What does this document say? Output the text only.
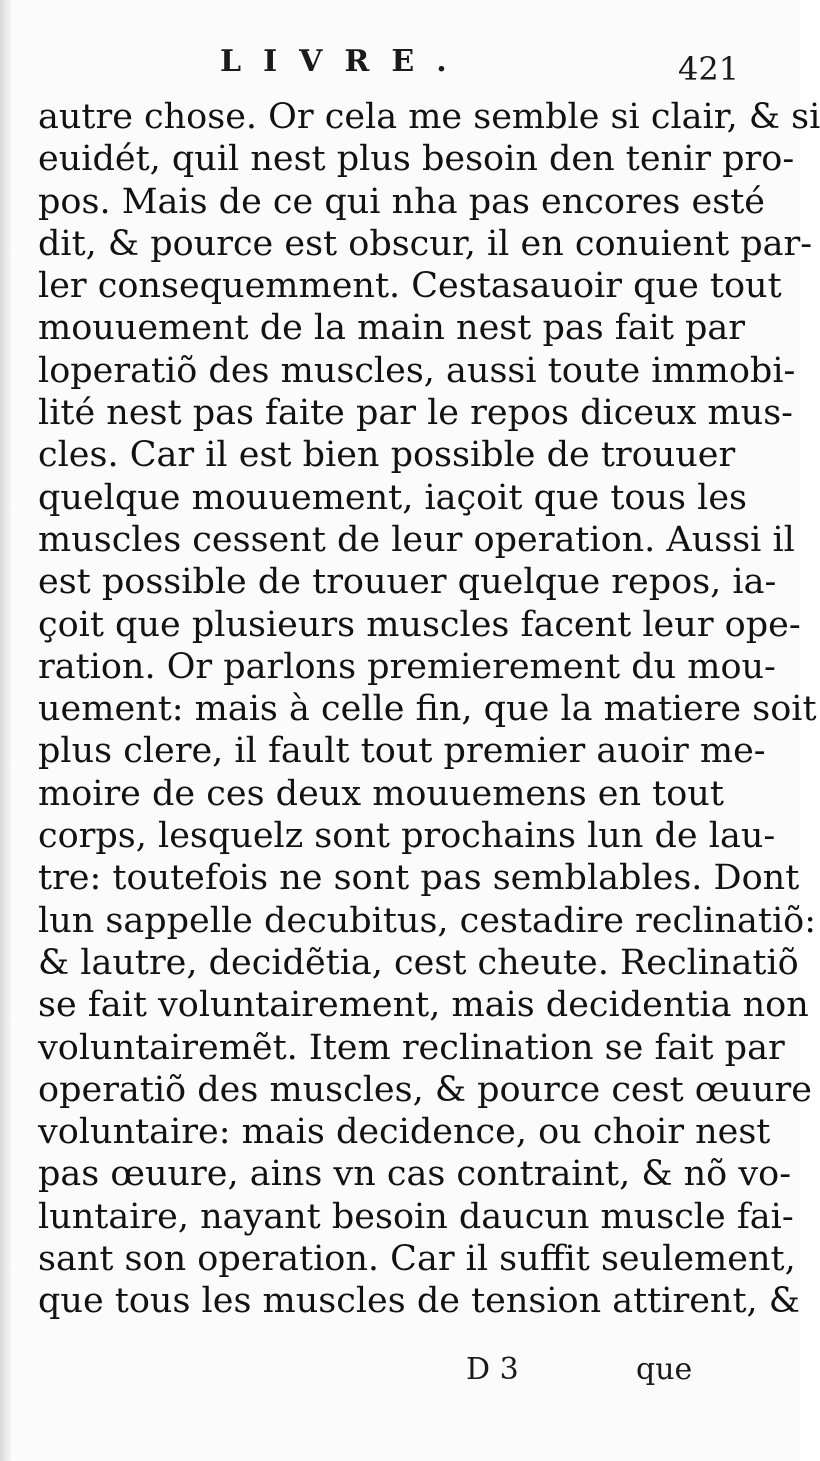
LIVRE.	421
autre chose. Or cela me semble si clair, & si
euidét, quil nest plus besoin den tenir pro-
pos. Mais de ce qui nha pas encores esté
dit, & pource est obscur, il en conuient par-
ler consequemment. Cestasauoir que tout
mouuement de la main nest pas fait par
loperatiõ des muscles, aussi toute immobi-
lité nest pas faite par le repos diceux mus-
cles. Car il est bien possible de trouuer
quelque mouuement, iaçoit que tous les
muscles cessent de leur operation. Aussi il
est possible de trouuer quelque repos, ia-
çoit que plusieurs muscles facent leur ope-
ration. Or parlons premierement du mou-
uement: mais à celle fin, que la matiere soit
plus clere, il fault tout premier auoir me-
moire de ces deux mouuemens en tout
corps, lesquelz sont prochains lun de lau-
tre: toutefois ne sont pas semblables. Dont
lun sappelle decubitus, cestadire reclinatiõ:
& lautre, decidẽtia, cest cheute. Reclinatiõ
se fait voluntairement, mais decidentia non
voluntairemẽt. Item reclination se fait par
operatiõ des muscles, & pource cest œuure
voluntaire: mais decidence, ou choir nest
pas œuure, ains vn cas contraint, & nõ vo-
luntaire, nayant besoin daucun muscle fai-
sant son operation. Car il suffit seulement,
que tous les muscles de tension attirent, &
D 3	que
